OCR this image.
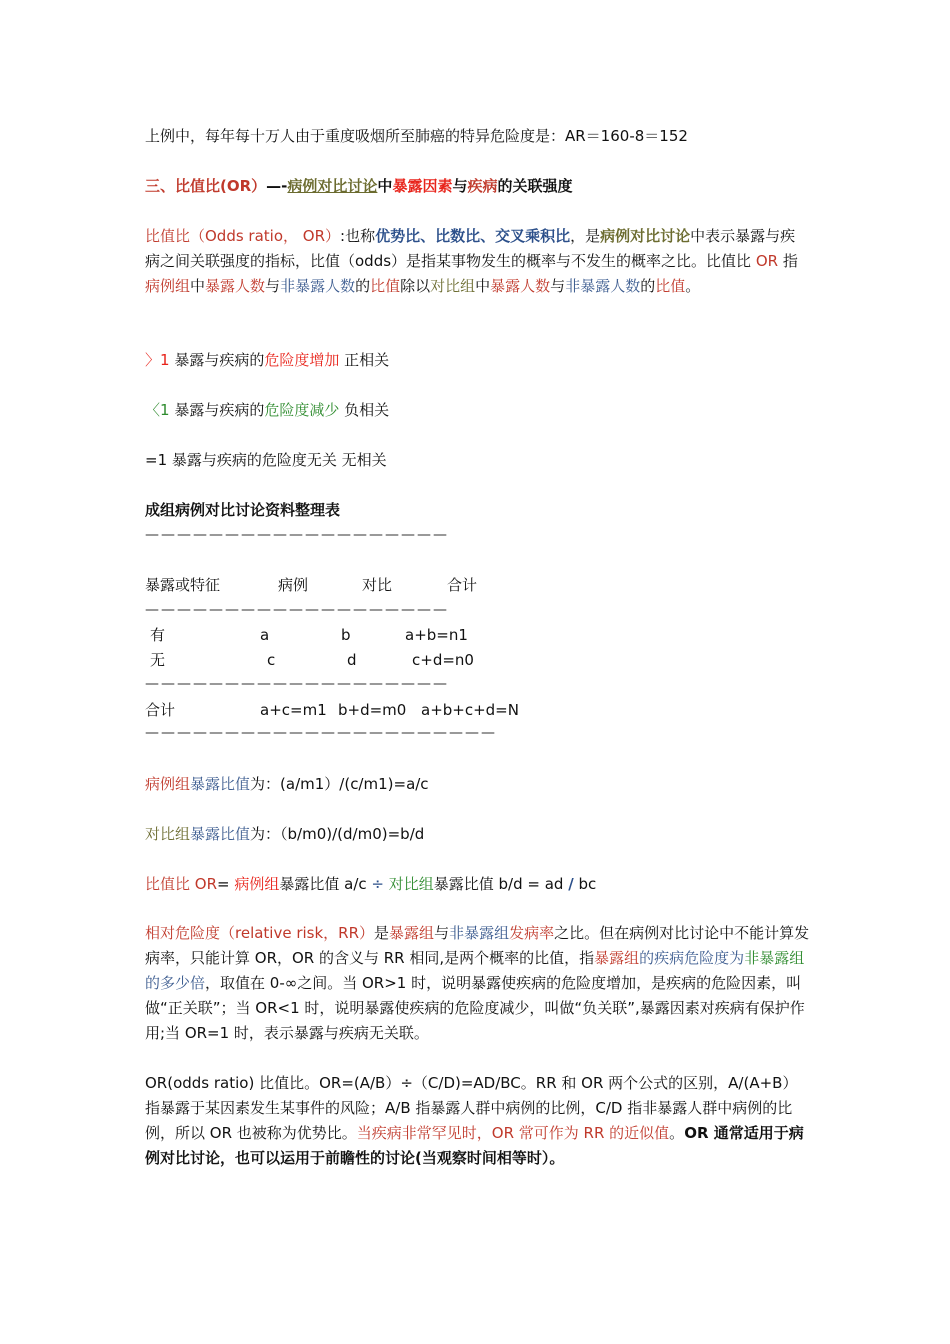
上例中，每年每十万人由于重度吸烟所至肺癌的特异危险度是：AR＝160-8＝152
三、比值比(OR）—-病例对比讨论中暴露因素与疾病的关联强度
比值比（Odds ratio， OR）:也称优势比、比数比、交叉乘积比，是病例对比讨论中表示暴露与疾病之间关联强度的指标，比值（odds）是指某事物发生的概率与不发生的概率之比。比值比 OR 指病例组中暴露人数与非暴露人数的比值除以对比组中暴露人数与非暴露人数的比值。
〉1 暴露与疾病的危险度增加 正相关
〈1 暴露与疾病的危险度减少 负相关
=1 暴露与疾病的危险度无关 无相关
成组病例对比讨论资料整理表
———————————————————
暴露或特征	病例	对比	合计
———————————————————
有	a	b	a+b=n1
无	c	d	c+d=n0
———————————————————
合计	a+c=m1 b+d=m0 a+b+c+d=N
——————————————————————
病例组暴露比值为：(a/m1）/(c/m1)=a/c
对比组暴露比值为：（b/m0)/(d/m0)=b/d
比值比 OR= 病例组暴露比值 a/c ÷ 对比组暴露比值 b/d = ad / bc
相对危险度（relative risk，RR）是暴露组与非暴露组发病率之比。但在病例对比讨论中不能计算发病率，只能计算 OR，OR 的含义与 RR 相同,是两个概率的比值，指暴露组的疾病危险度为非暴露组的多少倍，取值在 0-∞之间。当 OR>1 时，说明暴露使疾病的危险度增加，是疾病的危险因素，叫做“正关联”；当 OR<1 时，说明暴露使疾病的危险度减少，叫做“负关联”,暴露因素对疾病有保护作用;当 OR=1 时，表示暴露与疾病无关联。
OR(odds ratio) 比值比。OR=(A/B）÷（C/D)=AD/BC。RR 和 OR 两个公式的区别，A/(A+B） 指暴露于某因素发生某事件的风险；A/B 指暴露人群中病例的比例，C/D 指非暴露人群中病例的比例，所以 OR 也被称为优势比。当疾病非常罕见时，OR 常可作为 RR 的近似值。OR 通常适用于病例对比讨论，也可以运用于前瞻性的讨论(当观察时间相等时）。
